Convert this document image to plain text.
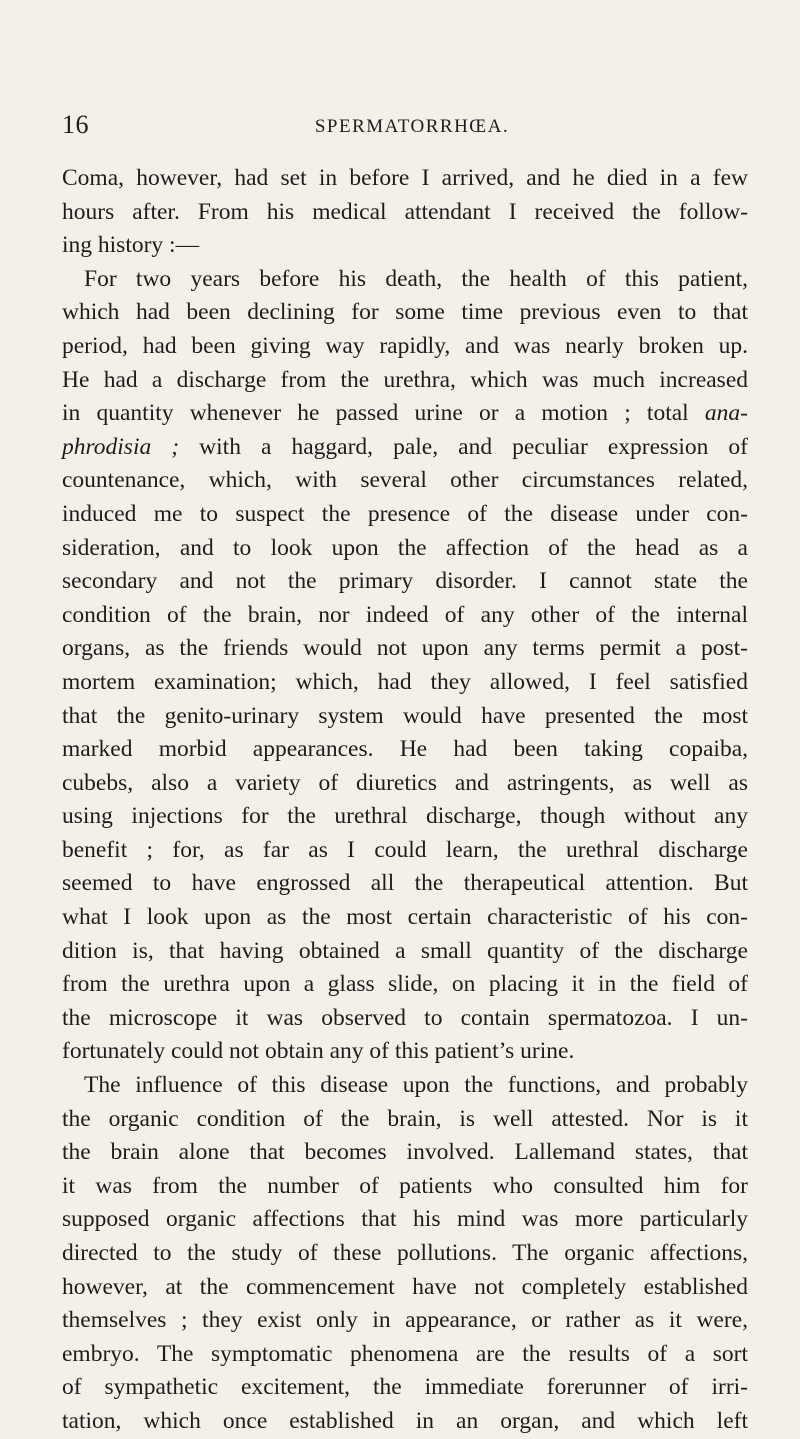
16	SPERMATORRHŒA.
Coma, however, had set in before I arrived, and he died in a few
hours after. From his medical attendant I received the follow-
ing history :—
For two years before his death, the health of this patient,
which had been declining for some time previous even to that
period, had been giving way rapidly, and was nearly broken up.
He had a discharge from the urethra, which was much increased
in quantity whenever he passed urine or a motion ; total ana-
phrodisia ; with a haggard, pale, and peculiar expression of
countenance, which, with several other circumstances related,
induced me to suspect the presence of the disease under con-
sideration, and to look upon the affection of the head as a
secondary and not the primary disorder. I cannot state the
condition of the brain, nor indeed of any other of the internal
organs, as the friends would not upon any terms permit a post-
mortem examination; which, had they allowed, I feel satisfied
that the genito-urinary system would have presented the most
marked morbid appearances. He had been taking copaiba,
cubebs, also a variety of diuretics and astringents, as well as
using injections for the urethral discharge, though without any
benefit ; for, as far as I could learn, the urethral discharge
seemed to have engrossed all the therapeutical attention. But
what I look upon as the most certain characteristic of his con-
dition is, that having obtained a small quantity of the discharge
from the urethra upon a glass slide, on placing it in the field of
the microscope it was observed to contain spermatozoa. I un-
fortunately could not obtain any of this patient’s urine.
The influence of this disease upon the functions, and probably
the organic condition of the brain, is well attested. Nor is it
the brain alone that becomes involved. Lallemand states, that
it was from the number of patients who consulted him for
supposed organic affections that his mind was more particularly
directed to the study of these pollutions. The organic affections,
however, at the commencement have not completely established
themselves ; they exist only in appearance, or rather as it were,
embryo. The symptomatic phenomena are the results of a sort
of sympathetic excitement, the immediate forerunner of irri-
tation, which once established in an organ, and which left
